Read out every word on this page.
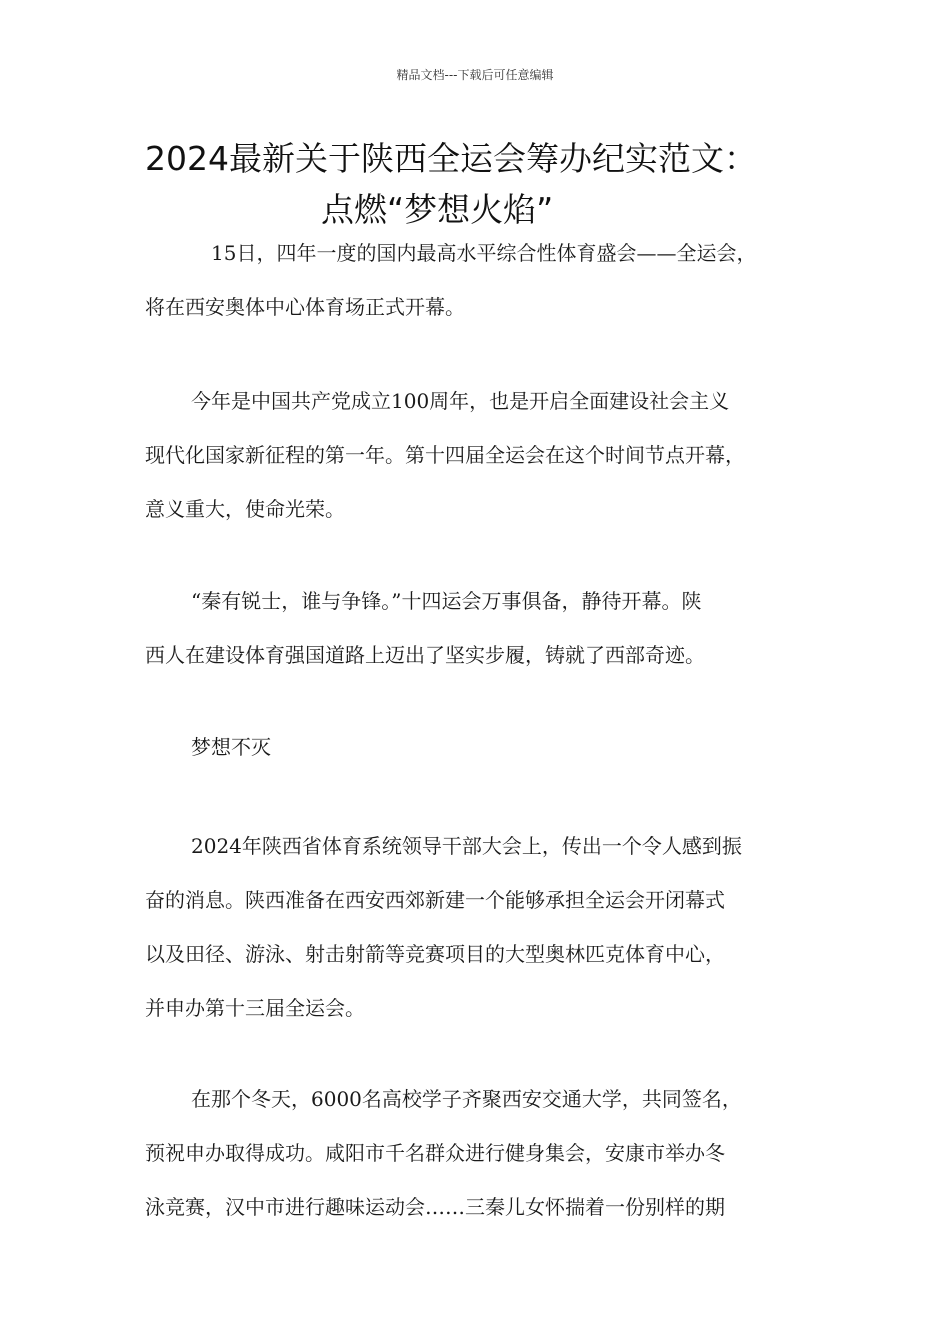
精品文档---下载后可任意编辑
2024最新关于陕西全运会筹办纪实范文：
点燃“梦想火焰”

15日，四年一度的国内最高水平综合性体育盛会——全运会，
将在西安奥体中心体育场正式开幕。

今年是中国共产党成立100周年，也是开启全面建设社会主义
现代化国家新征程的第一年。第十四届全运会在这个时间节点开幕，
意义重大，使命光荣。

“秦有锐士，谁与争锋。”十四运会万事俱备，静待开幕。陕
西人在建设体育强国道路上迈出了坚实步履，铸就了西部奇迹。

梦想不灭

2024年陕西省体育系统领导干部大会上，传出一个令人感到振
奋的消息。陕西准备在西安西郊新建一个能够承担全运会开闭幕式
以及田径、游泳、射击射箭等竞赛项目的大型奥林匹克体育中心，
并申办第十三届全运会。

在那个冬天，6000名高校学子齐聚西安交通大学，共同签名，
预祝申办取得成功。咸阳市千名群众进行健身集会，安康市举办冬
泳竞赛，汉中市进行趣味运动会……三秦儿女怀揣着一份别样的期
